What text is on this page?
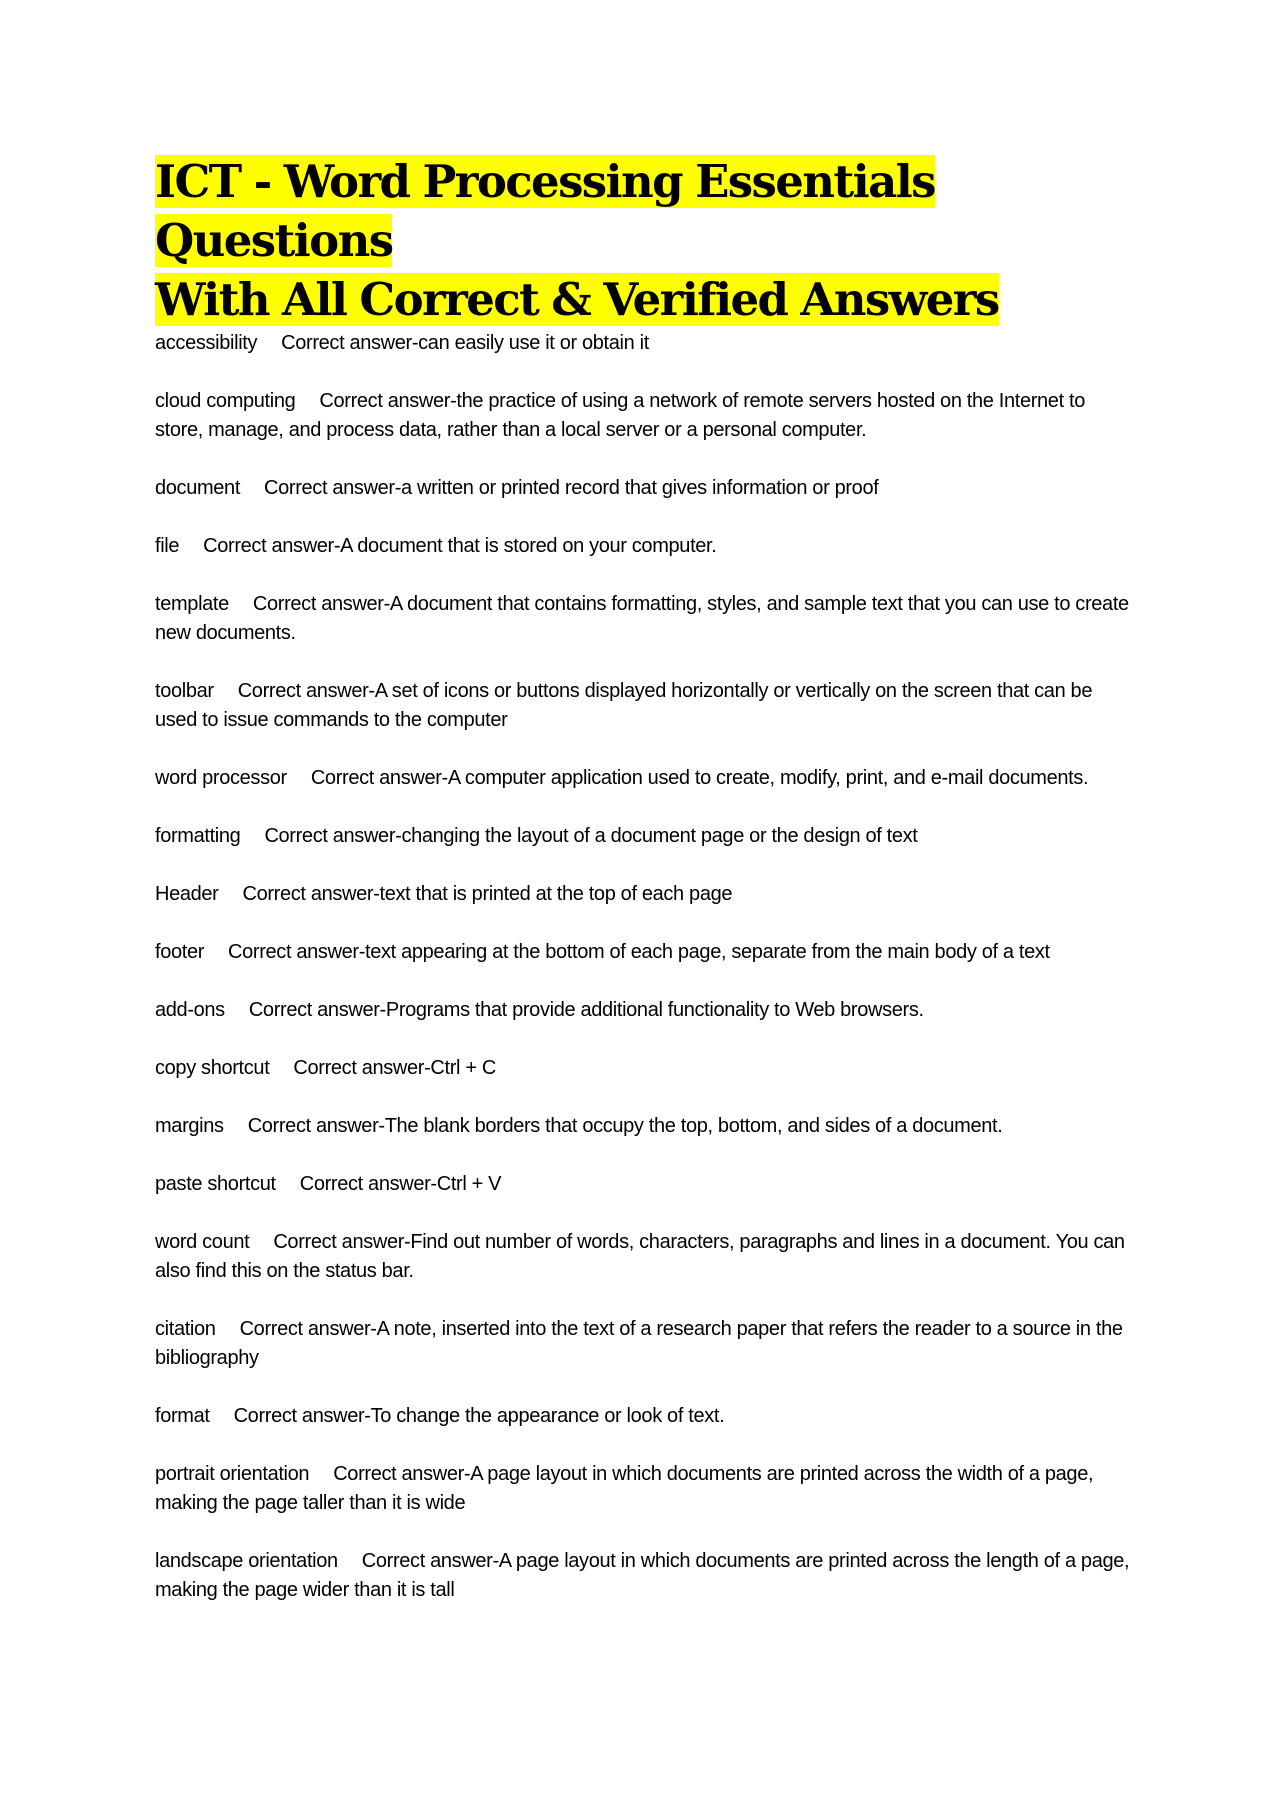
ICT - Word Processing Essentials Questions
With All Correct & Verified Answers
accessibility Correct answer-can easily use it or obtain it
cloud computing Correct answer-the practice of using a network of remote servers hosted on the Internet to store, manage, and process data, rather than a local server or a personal computer.
document Correct answer-a written or printed record that gives information or proof
file Correct answer-A document that is stored on your computer.
template Correct answer-A document that contains formatting, styles, and sample text that you can use to create new documents.
toolbar Correct answer-A set of icons or buttons displayed horizontally or vertically on the screen that can be used to issue commands to the computer
word processor Correct answer-A computer application used to create, modify, print, and e-mail documents.
formatting Correct answer-changing the layout of a document page or the design of text
Header Correct answer-text that is printed at the top of each page
footer Correct answer-text appearing at the bottom of each page, separate from the main body of a text
add-ons Correct answer-Programs that provide additional functionality to Web browsers.
copy shortcut Correct answer-Ctrl + C
margins Correct answer-The blank borders that occupy the top, bottom, and sides of a document.
paste shortcut Correct answer-Ctrl + V
word count Correct answer-Find out number of words, characters, paragraphs and lines in a document. You can also find this on the status bar.
citation Correct answer-A note, inserted into the text of a research paper that refers the reader to a source in the bibliography
format Correct answer-To change the appearance or look of text.
portrait orientation Correct answer-A page layout in which documents are printed across the width of a page, making the page taller than it is wide
landscape orientation Correct answer-A page layout in which documents are printed across the length of a page, making the page wider than it is tall
